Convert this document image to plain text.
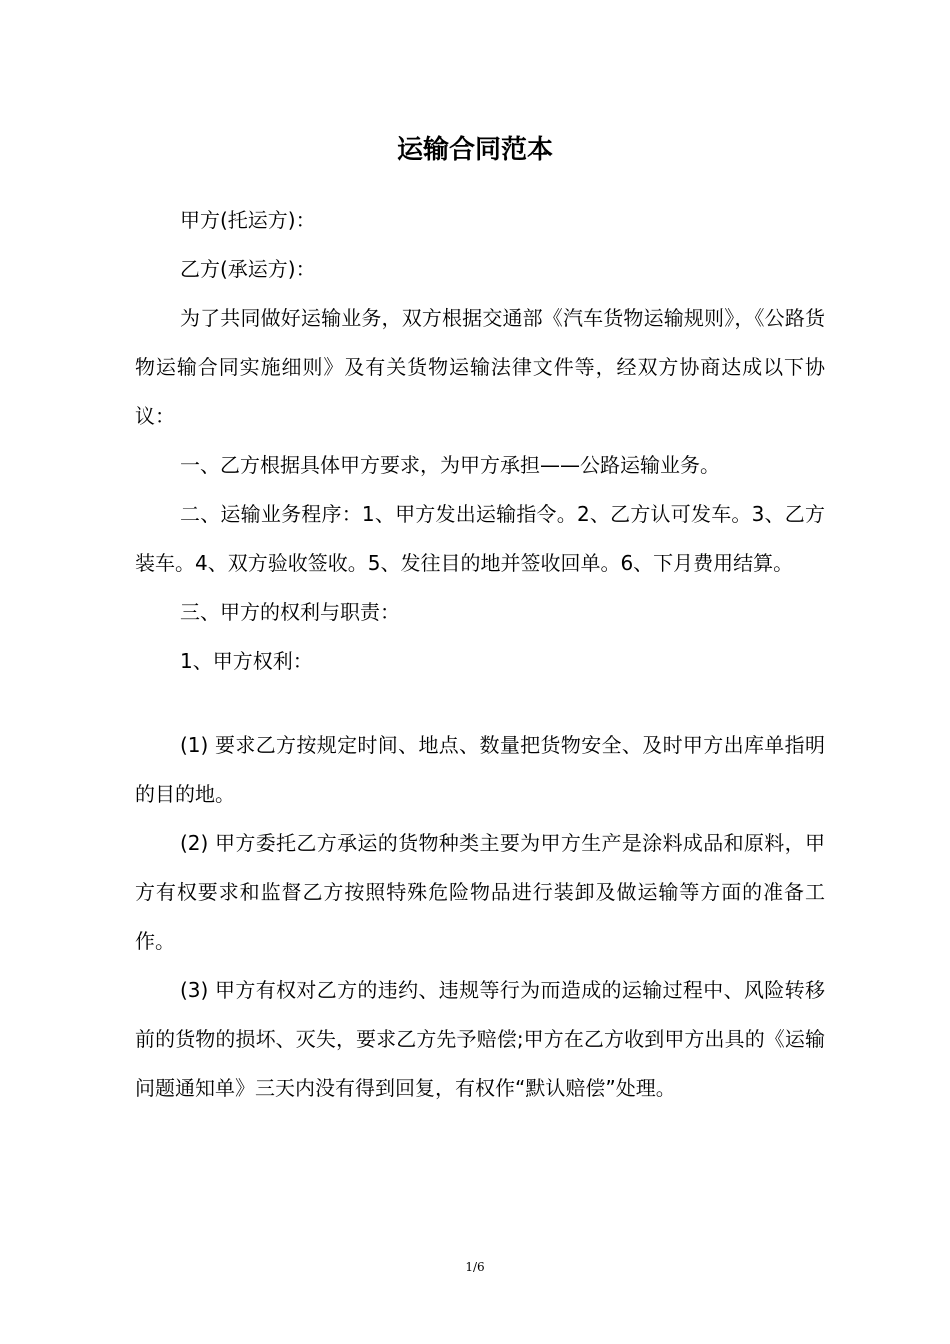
运输合同范本

甲方(托运方)：

乙方(承运方)：

为了共同做好运输业务，双方根据交通部《汽车货物运输规则》，《公路货物运输合同实施细则》及有关货物运输法律文件等，经双方协商达成以下协议：

一、乙方根据具体甲方要求，为甲方承担——公路运输业务。

二、运输业务程序：1、甲方发出运输指令。2、乙方认可发车。3、乙方装车。4、双方验收签收。5、发往目的地并签收回单。6、下月费用结算。

三、甲方的权利与职责：

1、甲方权利：

(1) 要求乙方按规定时间、地点、数量把货物安全、及时甲方出库单指明的目的地。

(2) 甲方委托乙方承运的货物种类主要为甲方生产是涂料成品和原料，甲方有权要求和监督乙方按照特殊危险物品进行装卸及做运输等方面的准备工作。

(3) 甲方有权对乙方的违约、违规等行为而造成的运输过程中、风险转移前的货物的损坏、灭失，要求乙方先予赔偿;甲方在乙方收到甲方出具的《运输问题通知单》三天内没有得到回复，有权作“默认赔偿”处理。

1/6
